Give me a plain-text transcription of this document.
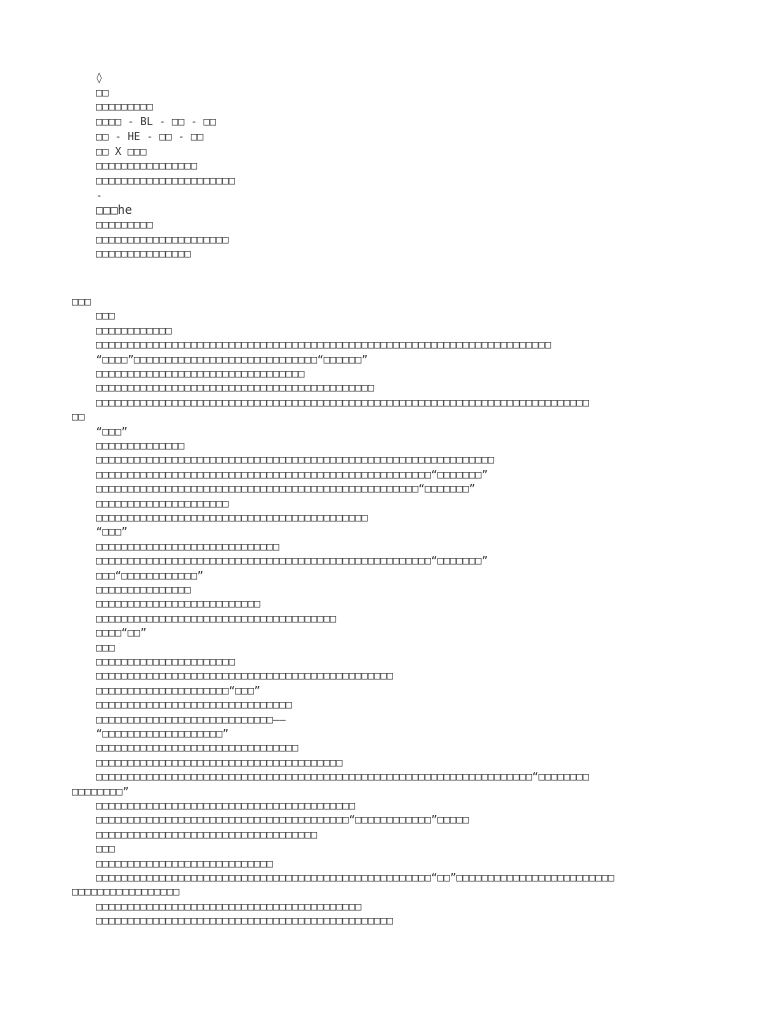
◊
□□
□□□□□□□□□
□□□□ - BL - □□ - □□
□□ - HE - □□ - □□
□□ X □□□
□□□□□□□□□□□□□□□□
□□□□□□□□□□□□□□□□□□□□□□
-
□□□he
□□□□□□□□□
□□□□□□□□□□□□□□□□□□□□□
□□□□□□□□□□□□□□□
□□□
□□□
□□□□□□□□□□□□
□□□□□□□□□□□□□□□□□□□□□□□□□□□□□□□□□□□□□□□□□□□□□□□□□□□□□□□□□□□□□□□□□□□□□□□□
“□□□□”□□□□□□□□□□□□□□□□□□□□□□□□□□□□□“□□□□□□”
□□□□□□□□□□□□□□□□□□□□□□□□□□□□□□□□□
□□□□□□□□□□□□□□□□□□□□□□□□□□□□□□□□□□□□□□□□□□□□
□□□□□□□□□□□□□□□□□□□□□□□□□□□□□□□□□□□□□□□□□□□□□□□□□□□□□□□□□□□□□□□□□□□□□□□□□□□□□□
□□
“□□□”
□□□□□□□□□□□□□□
□□□□□□□□□□□□□□□□□□□□□□□□□□□□□□□□□□□□□□□□□□□□□□□□□□□□□□□□□□□□□□□
□□□□□□□□□□□□□□□□□□□□□□□□□□□□□□□□□□□□□□□□□□□□□□□□□□□□□“□□□□□□□”
□□□□□□□□□□□□□□□□□□□□□□□□□□□□□□□□□□□□□□□□□□□□□□□□□□□“□□□□□□□”
□□□□□□□□□□□□□□□□□□□□□
□□□□□□□□□□□□□□□□□□□□□□□□□□□□□□□□□□□□□□□□□□□
“□□□”
□□□□□□□□□□□□□□□□□□□□□□□□□□□□□
□□□□□□□□□□□□□□□□□□□□□□□□□□□□□□□□□□□□□□□□□□□□□□□□□□□□□“□□□□□□□”
□□□“□□□□□□□□□□□□”
□□□□□□□□□□□□□□□
□□□□□□□□□□□□□□□□□□□□□□□□□□
□□□□□□□□□□□□□□□□□□□□□□□□□□□□□□□□□□□□□□
□□□□“□□”
□□□
□□□□□□□□□□□□□□□□□□□□□□
□□□□□□□□□□□□□□□□□□□□□□□□□□□□□□□□□□□□□□□□□□□□□□□
□□□□□□□□□□□□□□□□□□□□□“□□□”
□□□□□□□□□□□□□□□□□□□□□□□□□□□□□□□
□□□□□□□□□□□□□□□□□□□□□□□□□□□□——
“□□□□□□□□□□□□□□□□□□□”
□□□□□□□□□□□□□□□□□□□□□□□□□□□□□□□□
□□□□□□□□□□□□□□□□□□□□□□□□□□□□□□□□□□□□□□□
□□□□□□□□□□□□□□□□□□□□□□□□□□□□□□□□□□□□□□□□□□□□□□□□□□□□□□□□□□□□□□□□□□□□□“□□□□□□□□
□□□□□□□□”
□□□□□□□□□□□□□□□□□□□□□□□□□□□□□□□□□□□□□□□□□
□□□□□□□□□□□□□□□□□□□□□□□□□□□□□□□□□□□□□□□□“□□□□□□□□□□□□”□□□□□
□□□□□□□□□□□□□□□□□□□□□□□□□□□□□□□□□□□
□□□
□□□□□□□□□□□□□□□□□□□□□□□□□□□□
□□□□□□□□□□□□□□□□□□□□□□□□□□□□□□□□□□□□□□□□□□□□□□□□□□□□□“□□”□□□□□□□□□□□□□□□□□□□□□□□□□
□□□□□□□□□□□□□□□□□
□□□□□□□□□□□□□□□□□□□□□□□□□□□□□□□□□□□□□□□□□□
□□□□□□□□□□□□□□□□□□□□□□□□□□□□□□□□□□□□□□□□□□□□□□□
